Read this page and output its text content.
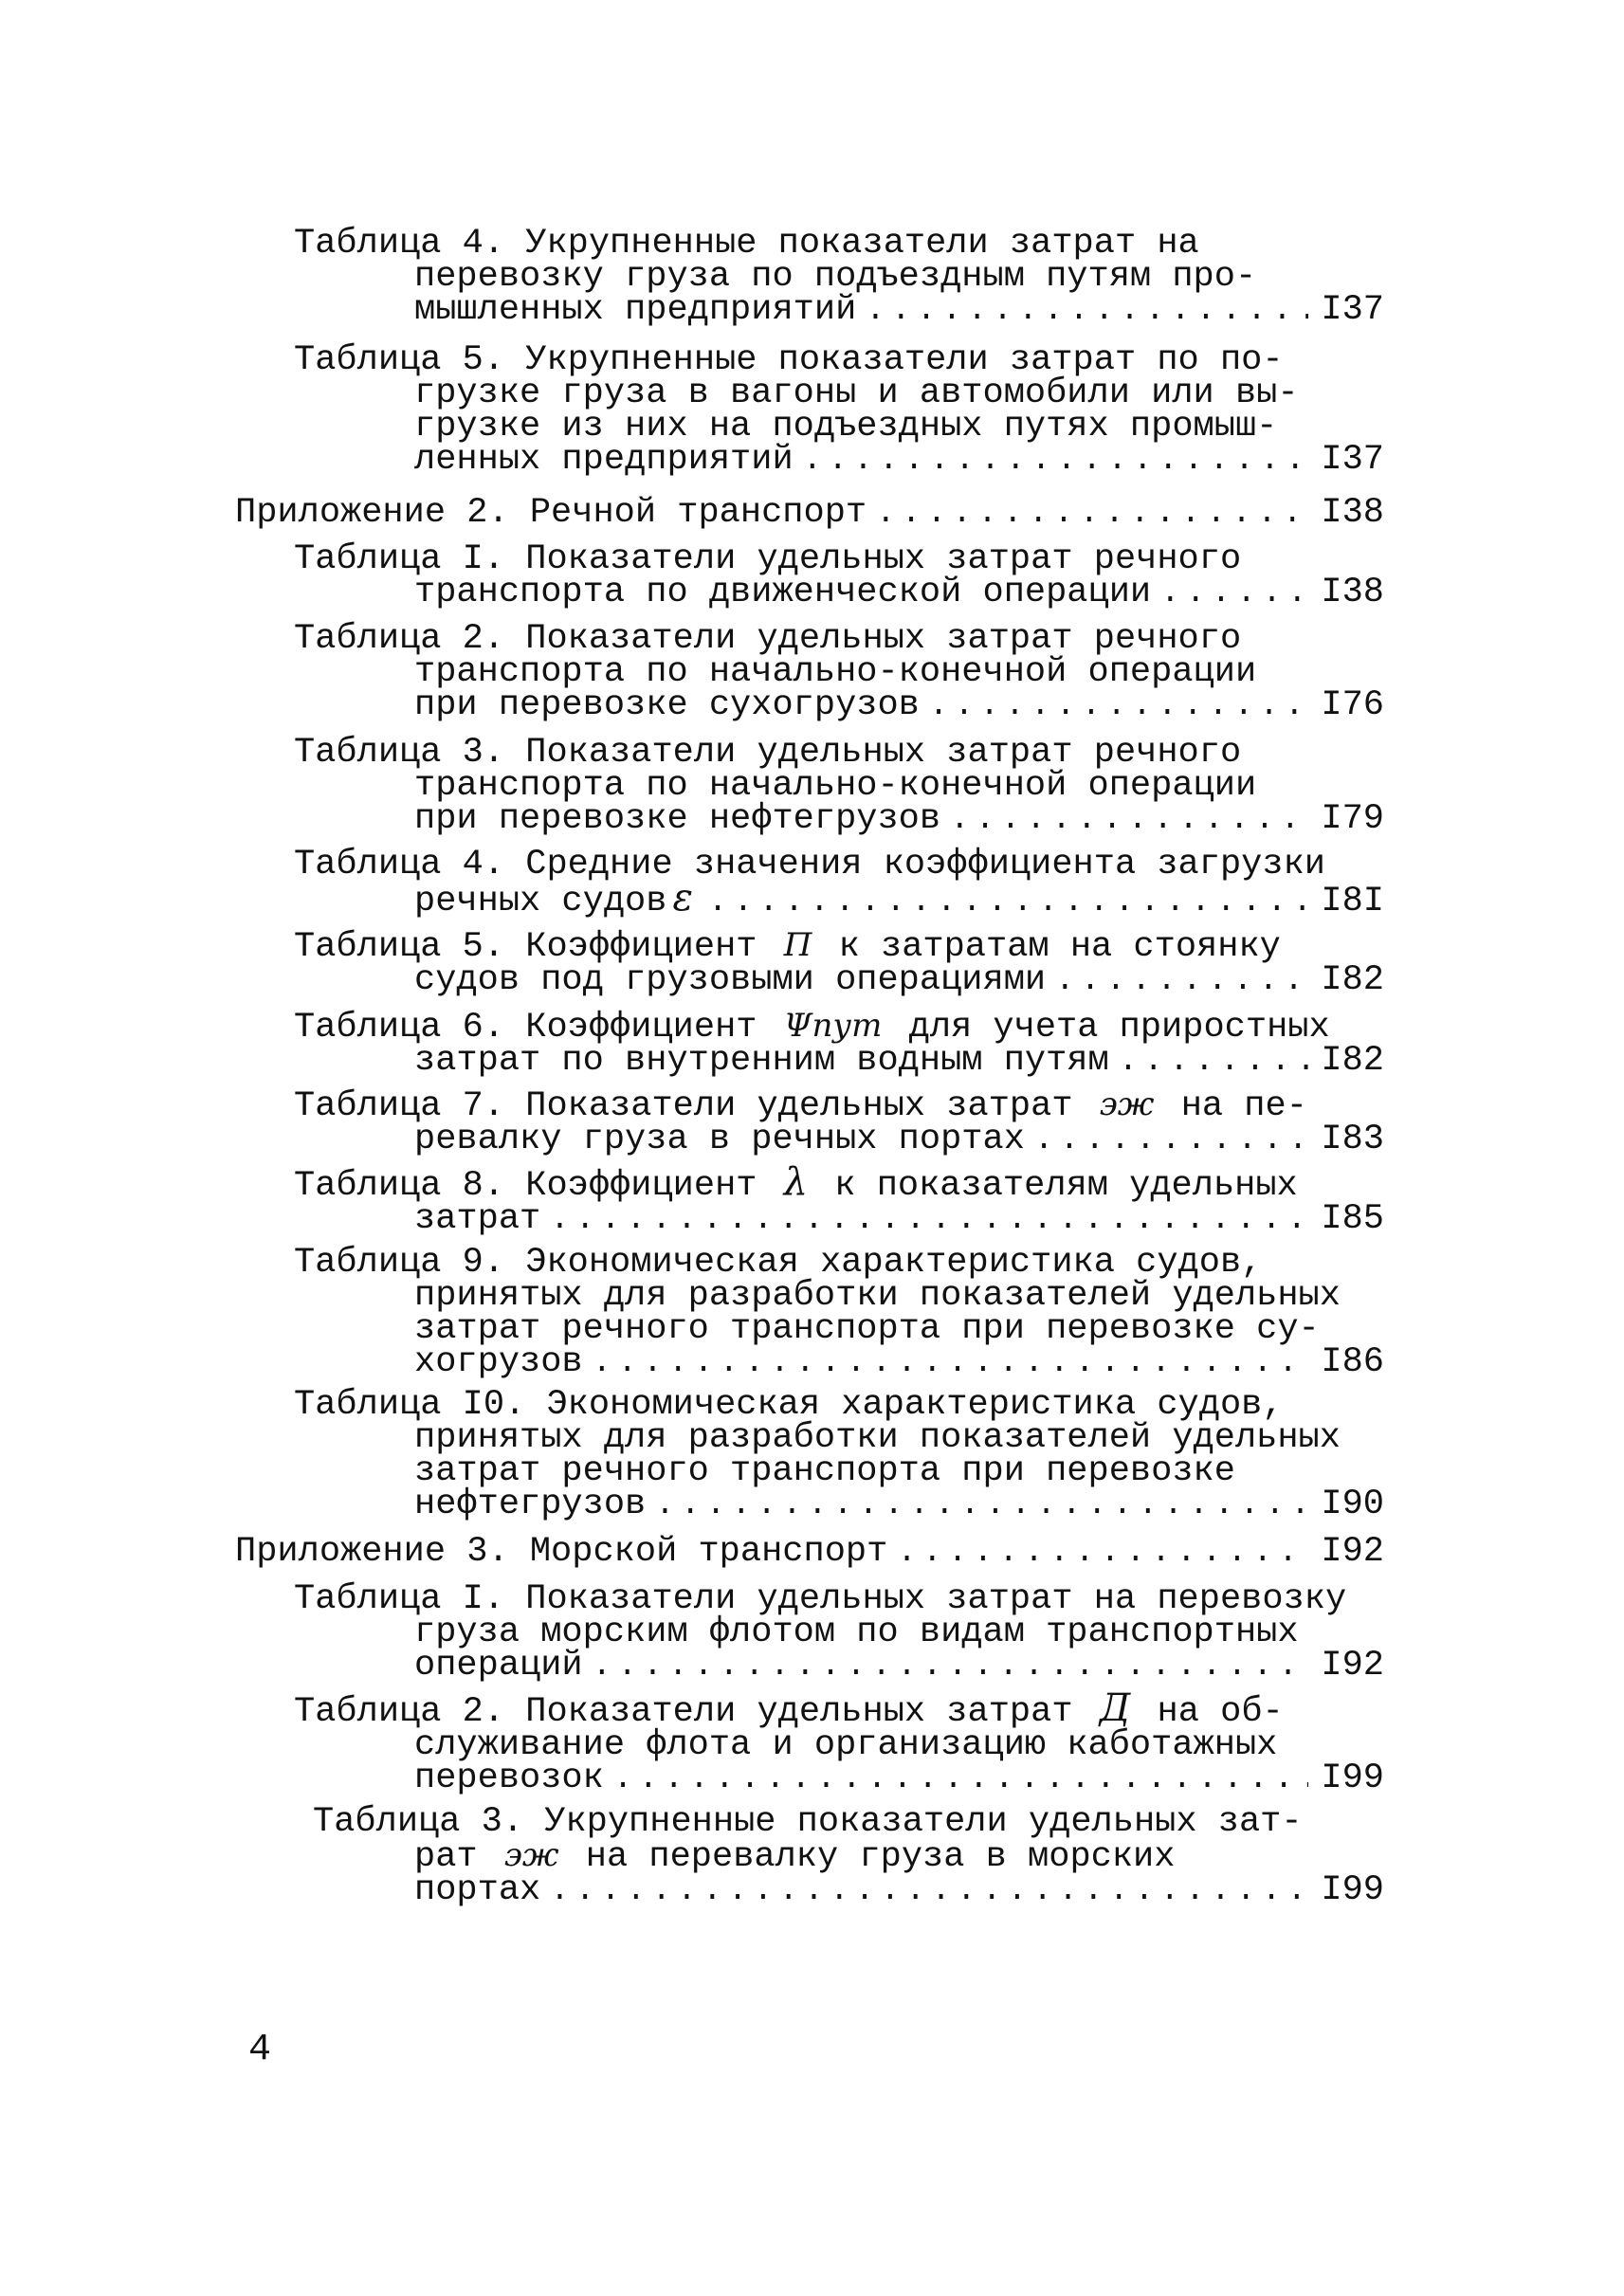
Таблица 4. Укрупненные показатели затрат на
перевозку груза по подъездным путям про-
мышленных предприятий . . .	I37
Таблица 5. Укрупненные показатели затрат по по-
грузке груза в вагоны и автомобили или вы-
грузке из них на подъездных путях промыш-
ленных предприятий . . .	I37
Приложение 2. Речной транспорт . . .	I38
Таблица I. Показатели удельных затрат речного
транспорта по движенческой операции . . .	I38
Таблица 2. Показатели удельных затрат речного
транспорта по начально-конечной операции
при перевозке сухогрузов . . .	I76
Таблица 3. Показатели удельных затрат речного
транспорта по начально-конечной операции
при перевозке нефтегрузов . . .	I79
Таблица 4. Средние значения коэффициента загрузки
речных судов ε . . .	I8I
Таблица 5. Коэффициент П к затратам на стоянку
судов под грузовыми операциями . . .	I82
Таблица 6. Коэффициент Ψпут для учета приростных
затрат по внутренним водным путям . . .	I82
Таблица 7. Показатели удельных затрат эж на пе-
ревалку груза в речных портах . . .	I83
Таблица 8. Коэффициент λ к показателям удельных
затрат . . .	I85
Таблица 9. Экономическая характеристика судов,
принятых для разработки показателей удельных
затрат речного транспорта при перевозке су-
хогрузов . . .	I86
Таблица I0. Экономическая характеристика судов,
принятых для разработки показателей удельных
затрат речного транспорта при перевозке
нефтегрузов . . .	I90
Приложение 3. Морской транспорт . . .	I92
Таблица I. Показатели удельных затрат на перевозку
груза морским флотом по видам транспортных
операций . . .	I92
Таблица 2. Показатели удельных затрат Д на об-
служивание флота и организацию каботажных
перевозок . . .	I99
Таблица 3. Укрупненные показатели удельных зат-
рат эж на перевалку груза в морских
портах . . .	I99
4
